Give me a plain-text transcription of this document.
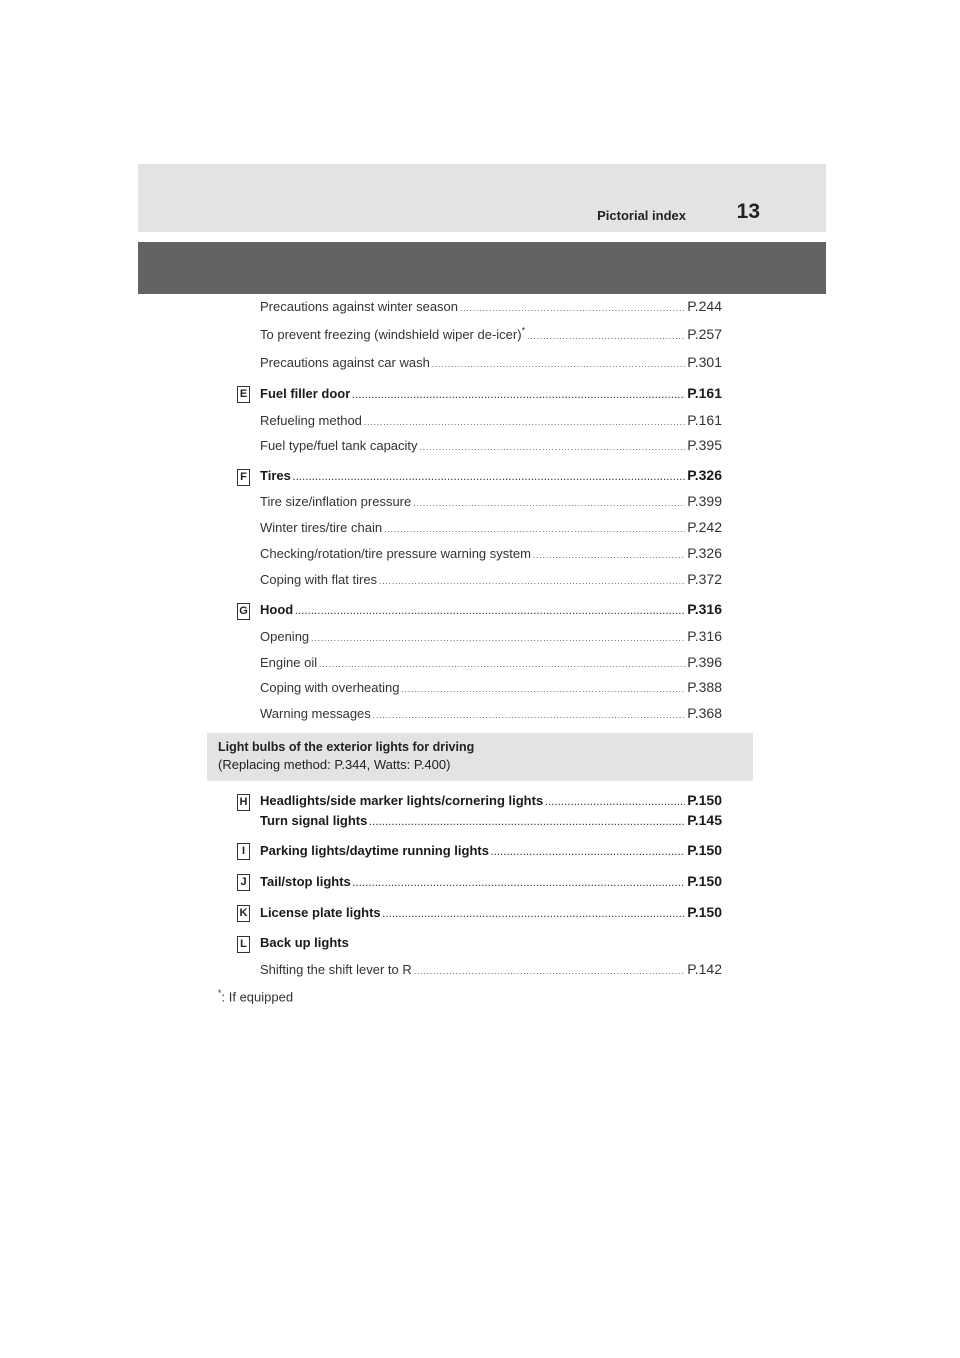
Pictorial index 13
Precautions against winter season .....	P.244
To prevent freezing (windshield wiper de-icer)* .....	P.257
Precautions against car wash .....	P.301
E Fuel filler door .....	P.161
Refueling method .....	P.161
Fuel type/fuel tank capacity .....	P.395
F Tires .....	P.326
Tire size/inflation pressure .....	P.399
Winter tires/tire chain .....	P.242
Checking/rotation/tire pressure warning system .....	P.326
Coping with flat tires .....	P.372
G Hood .....	P.316
Opening .....	P.316
Engine oil .....	P.396
Coping with overheating .....	P.388
Warning messages .....	P.368
Light bulbs of the exterior lights for driving
(Replacing method: P.344, Watts: P.400)
H Headlights/side marker lights/cornering lights .....	P.150
Turn signal lights .....	P.145
I	Parking lights/daytime running lights .....	P.150
J Tail/stop lights .....	P.150
K License plate lights .....	P.150
L Back up lights
Shifting the shift lever to R .....	P.142
*: If equipped
